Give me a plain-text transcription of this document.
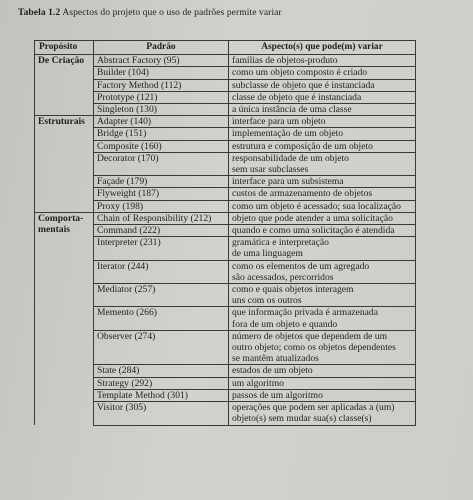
Tabela 1.2 Aspectos do projeto que o uso de padrões permite variar
Propósito	Padrão	Aspecto(s) que pode(m) variar

De Criação	Abstract Factory (95)	famílias de objetos-produto

	Builder (104)	como um objeto composto é criado

	Factory Method (112)	subclasse de objeto que é instanciada

	Prototype (121)	classe de objeto que é instanciada

	Singleton (130)	a única instância de uma classe

Estruturais	Adapter (140)	interface para um objeto

	Bridge (151)	implementação de um objeto

	Composite (160)	estrutura e composição de um objeto

	Decorator (170)	responsabilidade de um objeto
sem usar subclasses

	Façade (179)	interface para um subsistema

	Flyweight (187)	custos de armazenamento de objetos

	Proxy (198)	como um objeto é acessado; sua localização

Comporta-
mentais	Chain of Responsibility (212)	objeto que pode atender a uma solicitação

	Command (222)	quando e como uma solicitação é atendida

	Interpreter (231)	gramática e interpretação
de uma linguagem

	Iterator (244)	como os elementos de um agregado
são acessados, percorridos

	Mediator (257)	como e quais objetos interagem
uns com os outros

	Memento (266)	que informação privada é armazenada
fora de um objeto e quando

	Observer (274)	número de objetos que dependem de um
outro objeto; como os objetos dependentes
se mantêm atualizados

	State (284)	estados de um objeto

	Strategy (292)	um algoritmo

	Template Method (301)	passos de um algoritmo

	Visitor (305)	operações que podem ser aplicadas a (um)
objeto(s) sem mudar sua(s) classe(s)
